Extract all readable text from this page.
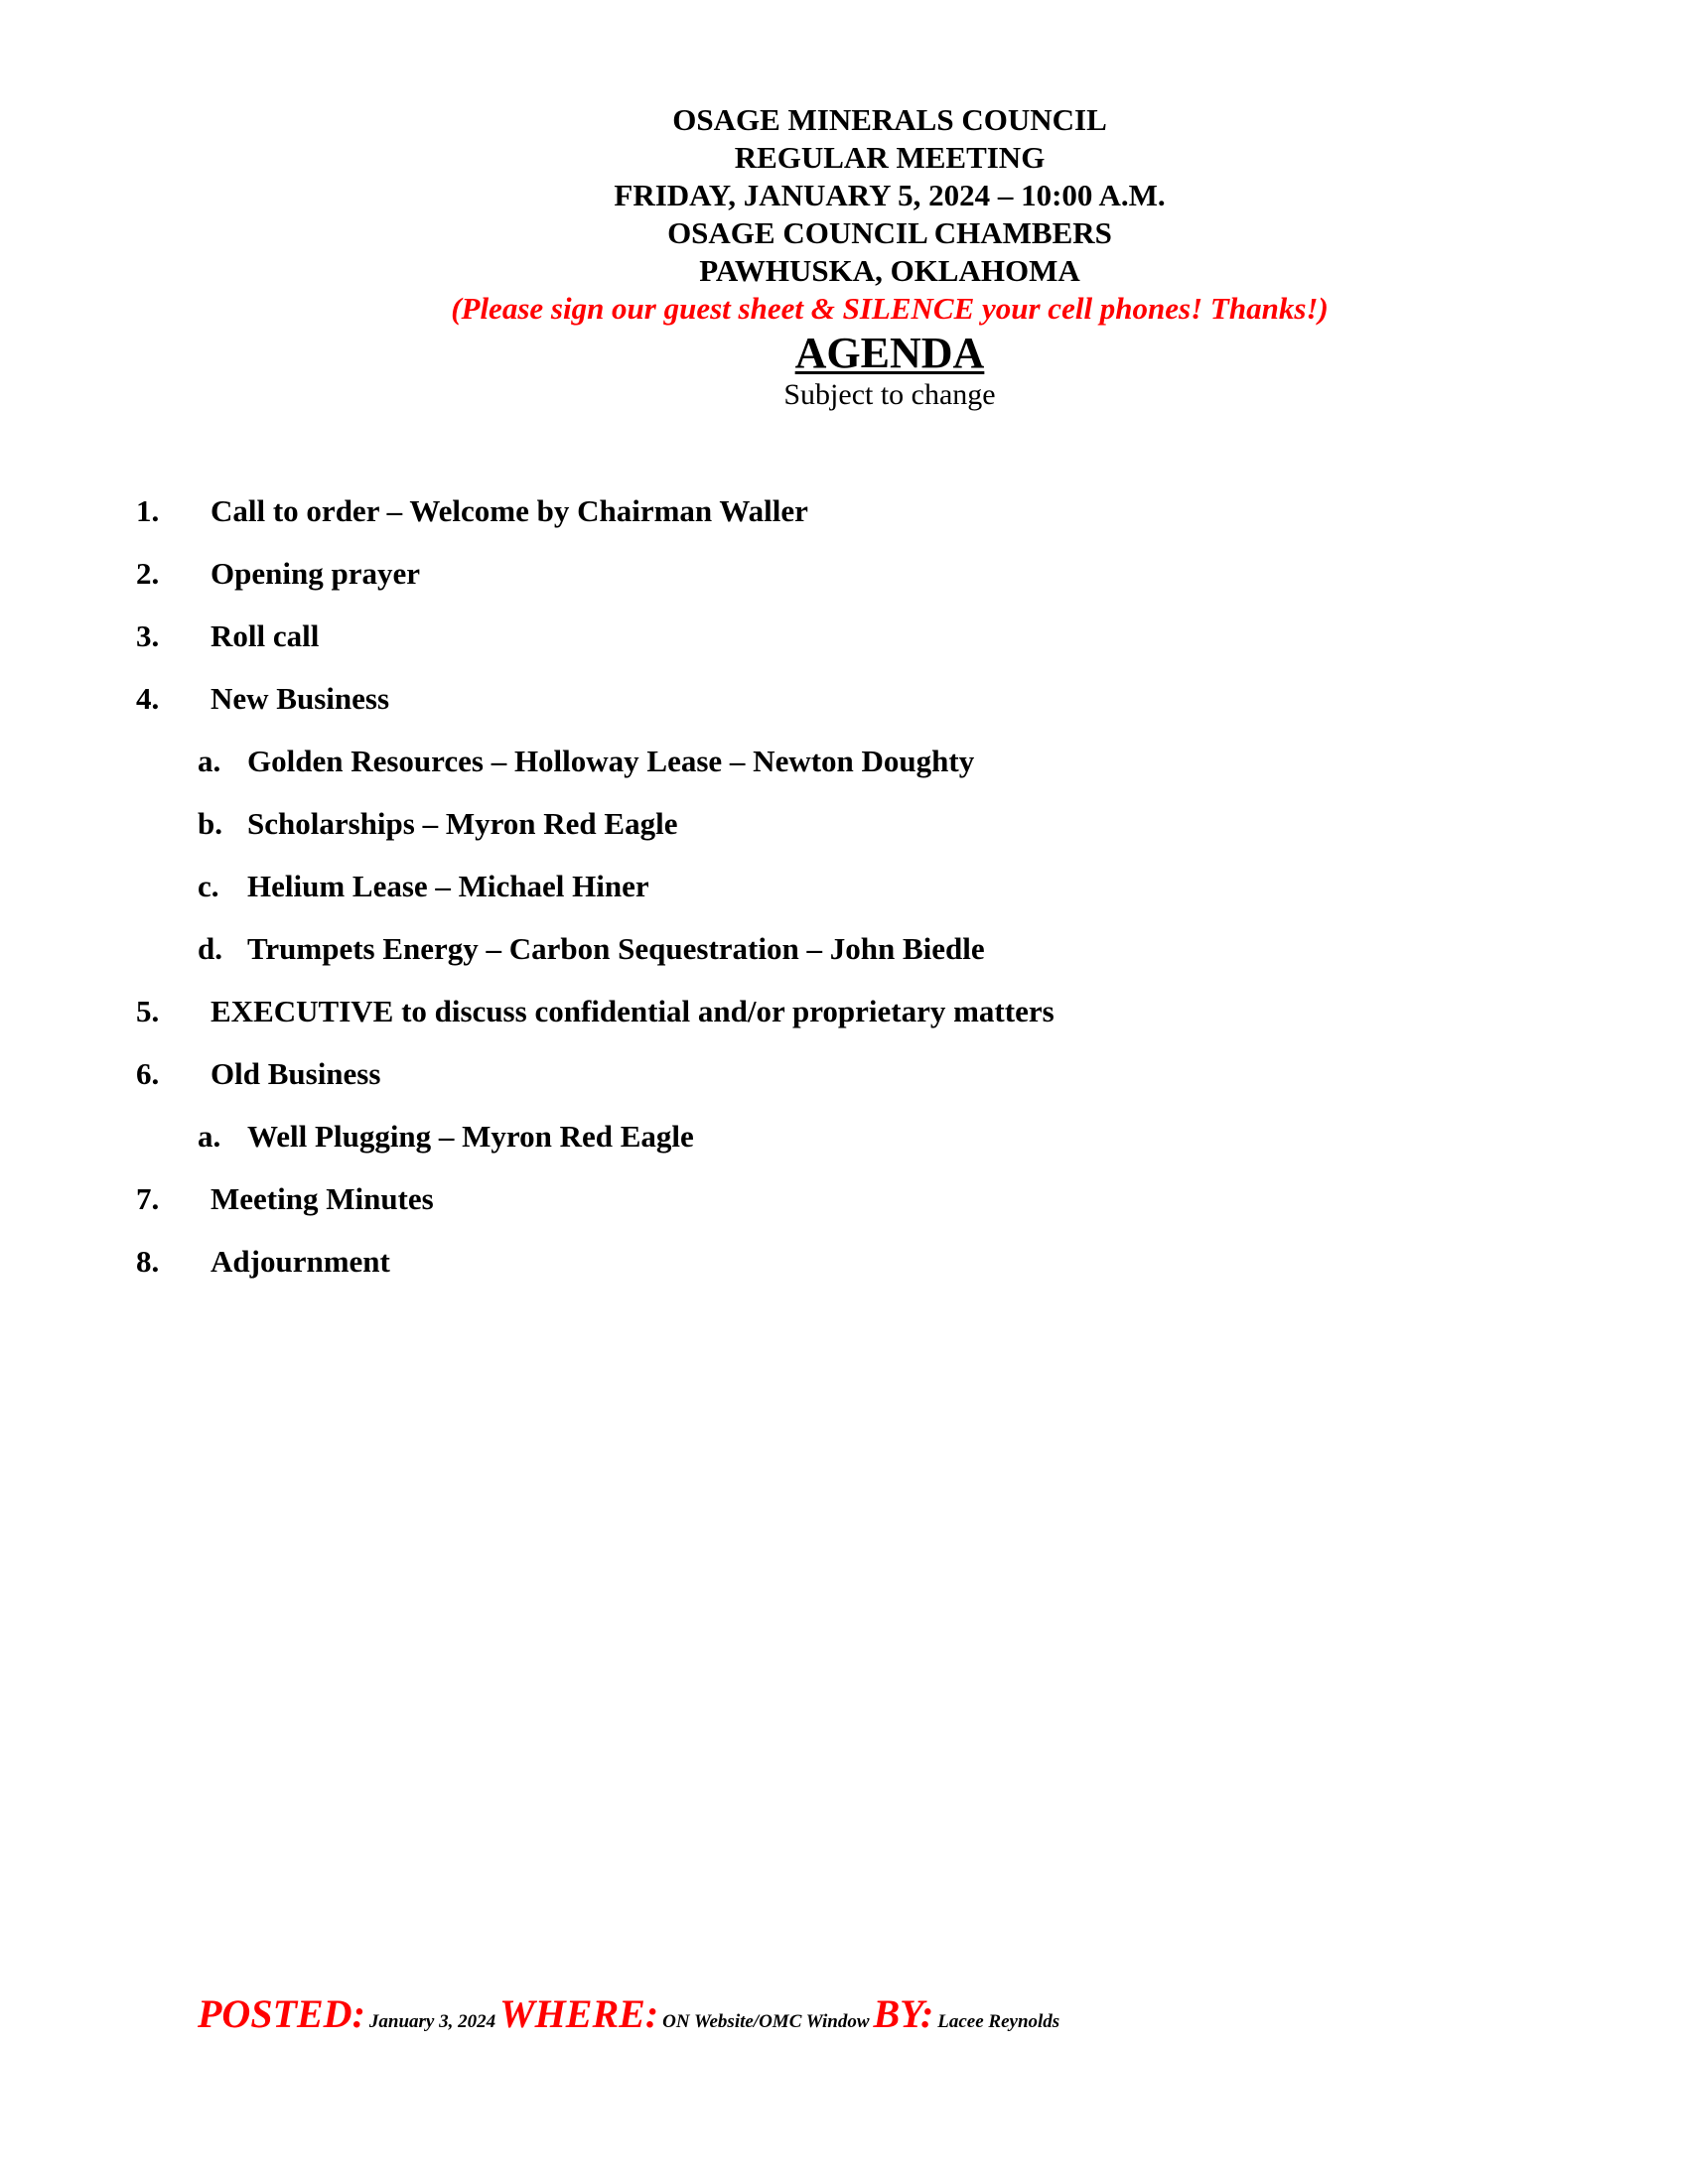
OSAGE MINERALS COUNCIL
REGULAR MEETING
FRIDAY, JANUARY 5, 2024 – 10:00 A.M.
OSAGE COUNCIL CHAMBERS
PAWHUSKA, OKLAHOMA
(Please sign our guest sheet & SILENCE your cell phones! Thanks!)
AGENDA
Subject to change
1. Call to order – Welcome by Chairman Waller
2. Opening prayer
3. Roll call
4. New Business
a. Golden Resources – Holloway Lease – Newton Doughty
b. Scholarships – Myron Red Eagle
c. Helium Lease – Michael Hiner
d. Trumpets Energy – Carbon Sequestration – John Biedle
5. EXECUTIVE to discuss confidential and/or proprietary matters
6. Old Business
a. Well Plugging – Myron Red Eagle
7. Meeting Minutes
8. Adjournment
POSTED: January 3, 2024 WHERE: ON Website/OMC Window BY: Lacee Reynolds
